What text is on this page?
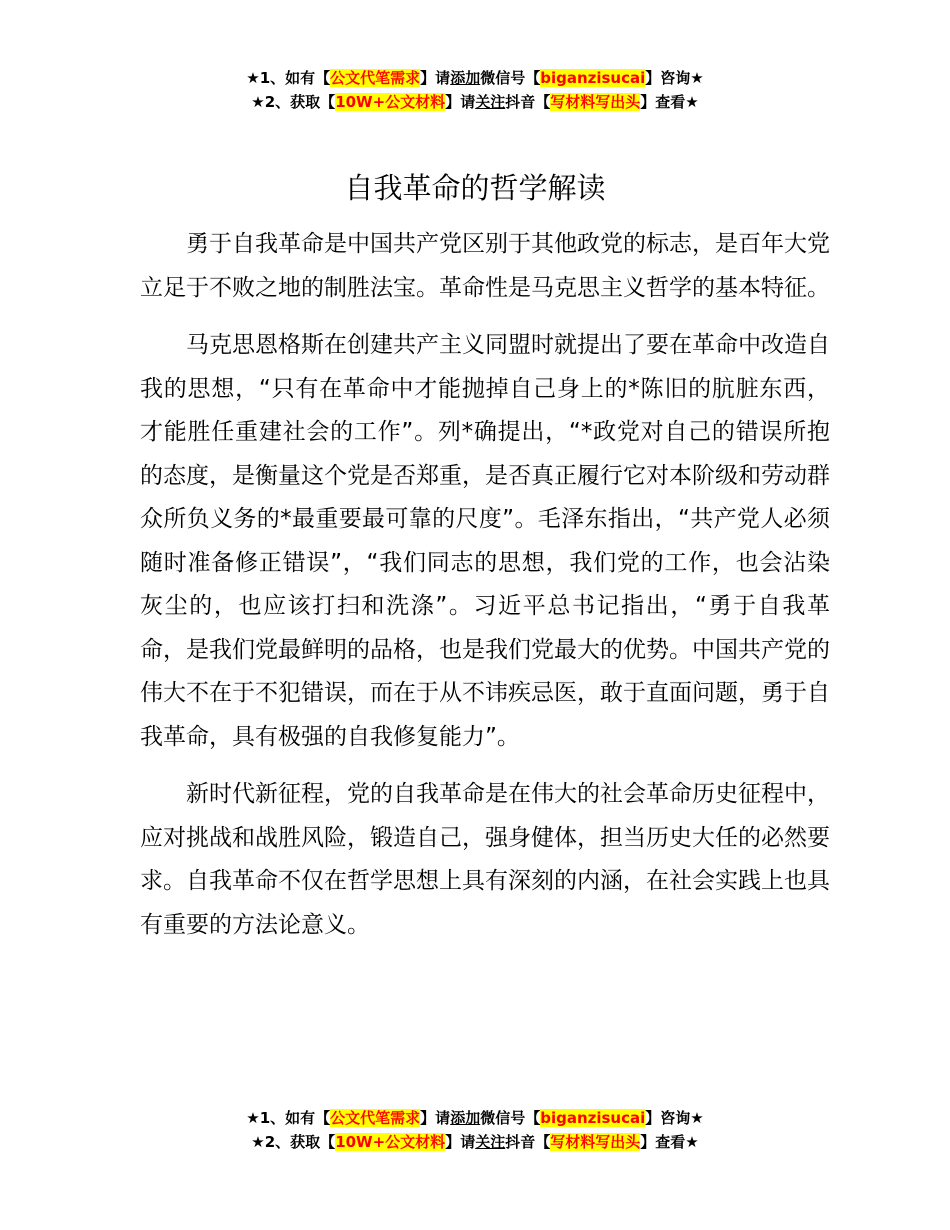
★1、如有【公文代笔需求】请添加微信号【biganzisucai】咨询★
★2、获取【10W+公文材料】请关注抖音【写材料写出头】查看★
自我革命的哲学解读

勇于自我革命是中国共产党区别于其他政党的标志，是百年大党立足于不败之地的制胜法宝。革命性是马克思主义哲学的基本特征。

马克思恩格斯在创建共产主义同盟时就提出了要在革命中改造自我的思想，“只有在革命中才能抛掉自己身上的*陈旧的肮脏东西，才能胜任重建社会的工作”。列*确提出，“*政党对自己的错误所抱的态度，是衡量这个党是否郑重，是否真正履行它对本阶级和劳动群众所负义务的*最重要最可靠的尺度”。毛泽东指出，“共产党人必须随时准备修正错误”，“我们同志的思想，我们党的工作，也会沾染灰尘的，也应该打扫和洗涤”。习近平总书记指出，“勇于自我革命，是我们党最鲜明的品格，也是我们党最大的优势。中国共产党的伟大不在于不犯错误，而在于从不讳疾忌医，敢于直面问题，勇于自我革命，具有极强的自我修复能力”。

新时代新征程，党的自我革命是在伟大的社会革命历史征程中，应对挑战和战胜风险，锻造自己，强身健体，担当历史大任的必然要求。自我革命不仅在哲学思想上具有深刻的内涵，在社会实践上也具有重要的方法论意义。

★1、如有【公文代笔需求】请添加微信号【biganzisucai】咨询★
★2、获取【10W+公文材料】请关注抖音【写材料写出头】查看★
